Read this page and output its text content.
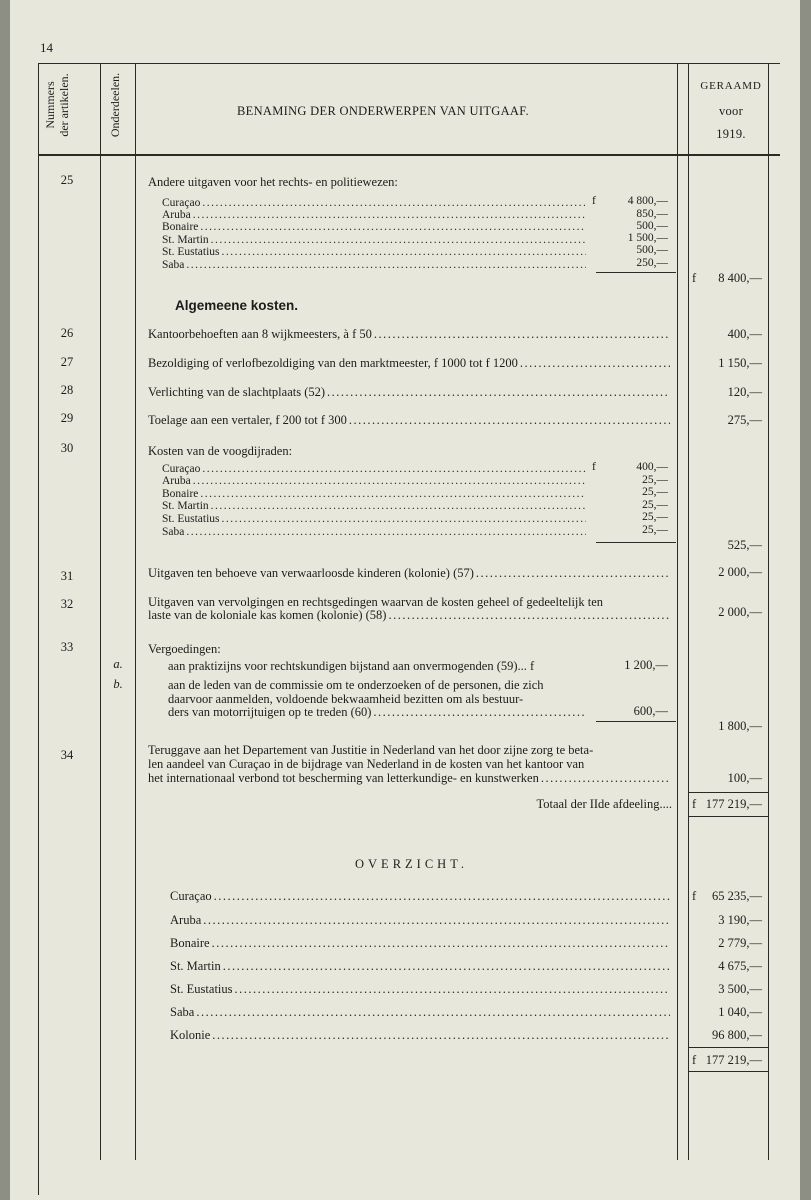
14
Nummers der artikelen.	Onderdeelen.	BENAMING DER ONDERWERPEN VAN UITGAAF.
GERAAMD
voor
1919.
25	Andere uitgaven voor het rechts- en politiewezen:
Curaçao .....	f	4 800,—
Aruba .....	850,—
Bonaire .....	500,—
St. Martin .....	1 500,—
St. Eustatius .....	500,—
Saba .....	250,—
f	8 400,—
Algemeene kosten.
26	Kantoorbehoeften aan 8 wijkmeesters, à f 50 .....	400,—
27	Bezoldiging of verlofbezoldiging van den marktmeester, f 1000 tot f 1200 .....	1 150,—
28	Verlichting van de slachtplaats (52) .....	120,—
29	Toelage aan een vertaler, f 200 tot f 300 .....	275,—
30	Kosten van de voogdijraden:
Curaçao .....	f	400,—
Aruba .....	25,—
Bonaire .....	25,—
St. Martin .....	25,—
St. Eustatius .....	25,—
Saba .....	25,—
525,—
31	Uitgaven ten behoeve van verwaarloosde kinderen (kolonie) (57) .....	2 000,—
32	Uitgaven van vervolgingen en rechtsgedingen waarvan de kosten geheel of gedeeltelijk ten
laste van de koloniale kas komen (kolonie) (58) .....	2 000,—
33	Vergoedingen:
a.	aan praktizijns voor rechtskundigen bijstand aan onvermogenden (59)... f	1 200,—
b.	aan de leden van de commissie om te onderzoeken of de personen, die zich
daarvoor aanmelden, voldoende bekwaamheid bezitten om als bestuur-
ders van motorrijtuigen op te treden (60) .....	600,—
1 800,—
34	Teruggave aan het Departement van Justitie in Nederland van het door zijne zorg te beta-
len aandeel van Curaçao in de bijdrage van Nederland in de kosten van het kantoor van
het internationaal verbond tot bescherming van letterkundige- en kunstwerken .....	100,—
Totaal der IIde afdeeling.... f 177 219,—
OVERZICHT.
Curaçao .....	f	65 235,—
Aruba .....	3 190,—
Bonaire .....	2 779,—
St. Martin .....	4 675,—
St. Eustatius .....	3 500,—
Saba .....	1 040,—
Kolonie .....	96 800,—
f 177 219,—
